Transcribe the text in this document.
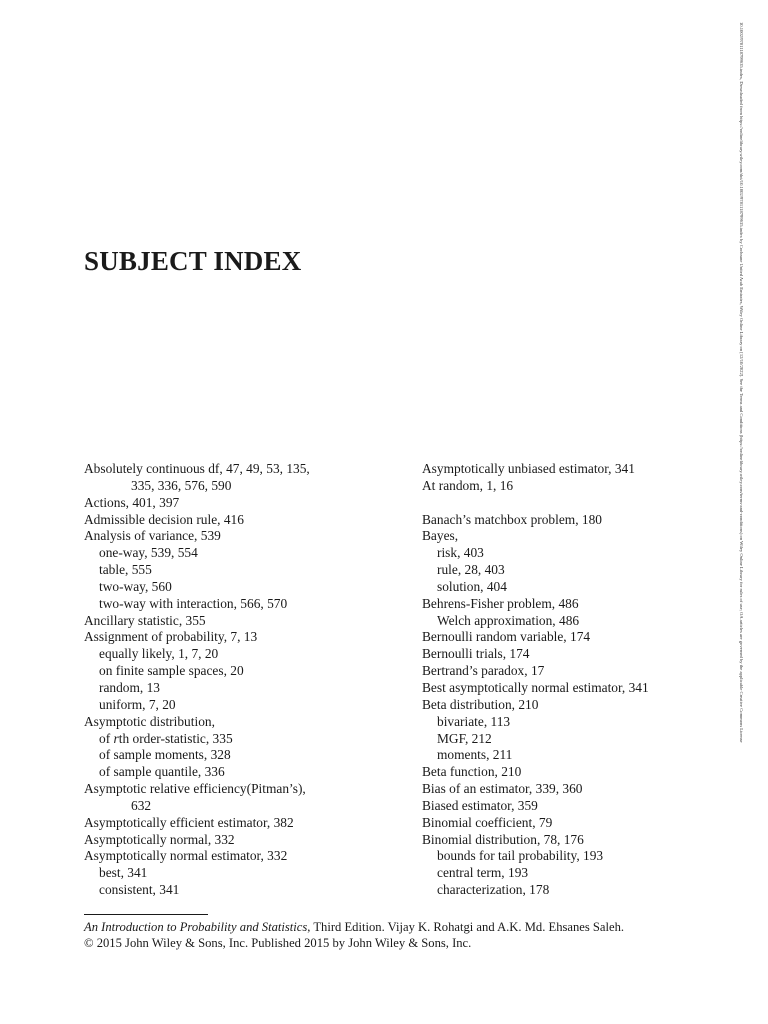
10.1002/9781118799635.index, Downloaded from https://onlinelibrary.wiley.com/doi/10.1002/9781118799635.index by Cochrane United Arab Emirates, Wiley Online Library on [12/10/2022]. See the Terms and Conditions (https://onlinelibrary.wiley.com/terms-and-conditions) on Wiley Online Library for rules of use; OA articles are governed by the applicable Creative Commons License
SUBJECT INDEX
Absolutely continuous df, 47, 49, 53, 135,
335, 336, 576, 590
Actions, 401, 397
Admissible decision rule, 416
Analysis of variance, 539
one-way, 539, 554
table, 555
two-way, 560
two-way with interaction, 566, 570
Ancillary statistic, 355
Assignment of probability, 7, 13
equally likely, 1, 7, 20
on finite sample spaces, 20
random, 13
uniform, 7, 20
Asymptotic distribution,
of rth order-statistic, 335
of sample moments, 328
of sample quantile, 336
Asymptotic relative efficiency(Pitman’s),
632
Asymptotically efficient estimator, 382
Asymptotically normal, 332
Asymptotically normal estimator, 332
best, 341
consistent, 341
Asymptotically unbiased estimator, 341
At random, 1, 16
Banach’s matchbox problem, 180
Bayes,
risk, 403
rule, 28, 403
solution, 404
Behrens-Fisher problem, 486
Welch approximation, 486
Bernoulli random variable, 174
Bernoulli trials, 174
Bertrand’s paradox, 17
Best asymptotically normal estimator, 341
Beta distribution, 210
bivariate, 113
MGF, 212
moments, 211
Beta function, 210
Bias of an estimator, 339, 360
Biased estimator, 359
Binomial coefficient, 79
Binomial distribution, 78, 176
bounds for tail probability, 193
central term, 193
characterization, 178
An Introduction to Probability and Statistics, Third Edition. Vijay K. Rohatgi and A.K. Md. Ehsanes Saleh.
© 2015 John Wiley & Sons, Inc. Published 2015 by John Wiley & Sons, Inc.
